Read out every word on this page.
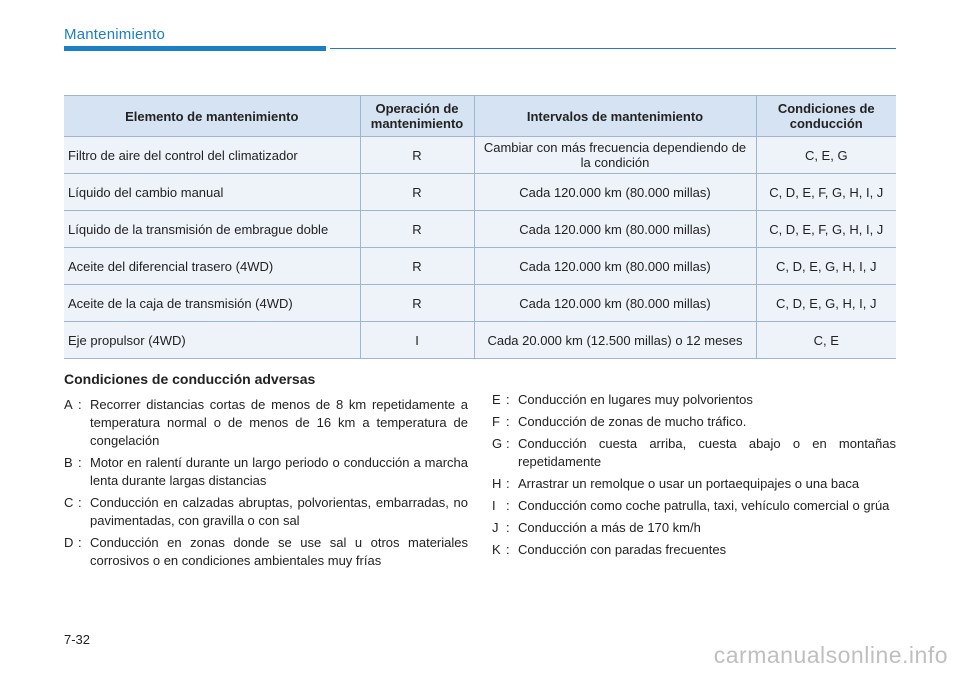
Mantenimiento
Elemento de mantenimiento	Operación de mantenimiento	Intervalos de mantenimiento	Condiciones de conducción
Filtro de aire del control del climatizador	R	Cambiar con más frecuencia dependiendo de la condición	C, E, G
Líquido del cambio manual	R	Cada 120.000 km (80.000 millas)	C, D, E, F, G, H, I, J
Líquido de la transmisión de embrague doble	R	Cada 120.000 km (80.000 millas)	C, D, E, F, G, H, I, J
Aceite del diferencial trasero (4WD)	R	Cada 120.000 km (80.000 millas)	C, D, E, G, H, I, J
Aceite de la caja de transmisión (4WD)	R	Cada 120.000 km (80.000 millas)	C, D, E, G, H, I, J
Eje propulsor (4WD)	I	Cada 20.000 km (12.500 millas) o 12 meses	C, E
Condiciones de conducción adversas
A : Recorrer distancias cortas de menos de 8 km repetidamente a temperatura normal o de menos de 16 km a temperatura de congelación
B : Motor en ralentí durante un largo periodo o conducción a marcha lenta durante largas distancias
C : Conducción en calzadas abruptas, polvorientas, embarradas, no pavimentadas, con gravilla o con sal
D : Conducción en zonas donde se use sal u otros materiales corrosivos o en condiciones ambientales muy frías
E : Conducción en lugares muy polvorientos
F : Conducción de zonas de mucho tráfico.
G : Conducción cuesta arriba, cuesta abajo o en montañas repetidamente
H : Arrastrar un remolque o usar un portaequipajes o una baca
I : Conducción como coche patrulla, taxi, vehículo comercial o grúa
J : Conducción a más de 170 km/h
K : Conducción con paradas frecuentes
7-32
carmanualsonline.info
